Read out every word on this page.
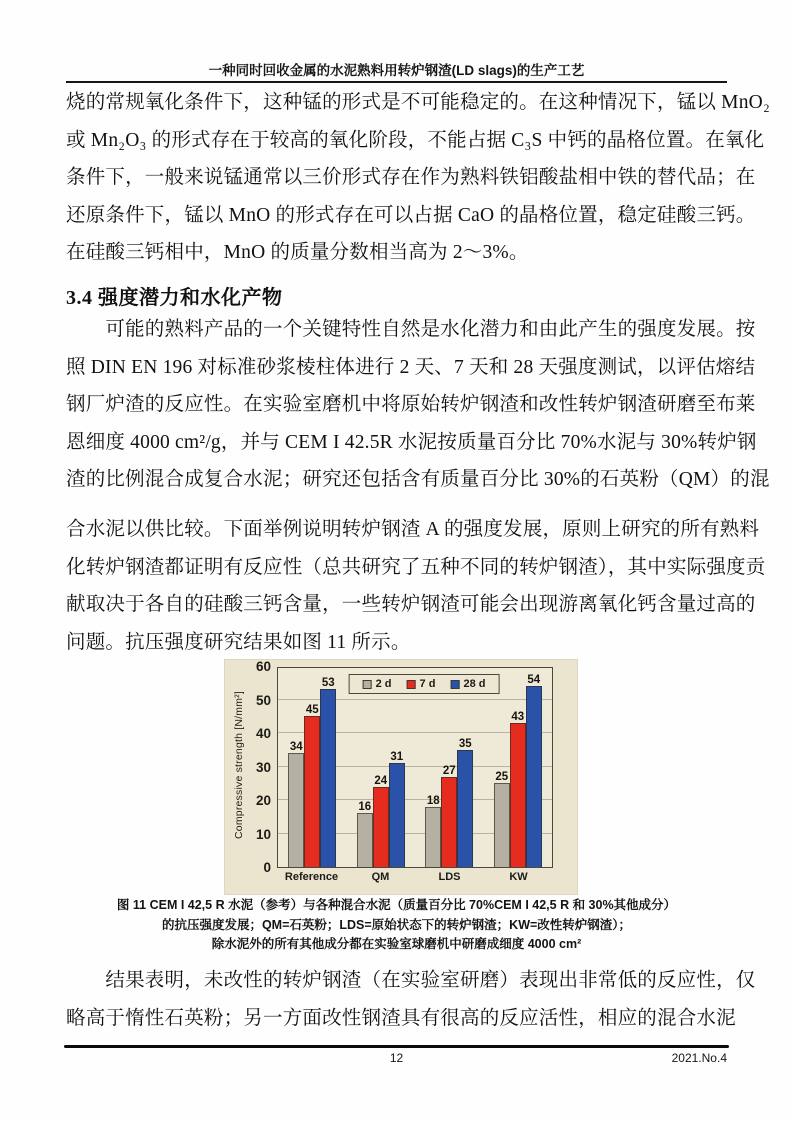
一种同时回收金属的水泥熟料用转炉钢渣(LD slags)的生产工艺
烧的常规氧化条件下，这种锰的形式是不可能稳定的。在这种情况下，锰以 MnO₂
或 Mn₂O₃ 的形式存在于较高的氧化阶段，不能占据 C₃S 中钙的晶格位置。在氧化
条件下，一般来说锰通常以三价形式存在作为熟料铁铝酸盐相中铁的替代品；在
还原条件下，锰以 MnO 的形式存在可以占据 CaO 的晶格位置，稳定硅酸三钙。
在硅酸三钙相中，MnO 的质量分数相当高为 2～3%。
3.4 强度潜力和水化产物
　　可能的熟料产品的一个关键特性自然是水化潜力和由此产生的强度发展。按
照 DIN EN 196 对标准砂浆棱柱体进行 2 天、7 天和 28 天强度测试，以评估熔结
钢厂炉渣的反应性。在实验室磨机中将原始转炉钢渣和改性转炉钢渣研磨至布莱
恩细度 4000 cm²/g，并与 CEM I 42.5R 水泥按质量百分比 70%水泥与 30%转炉钢
渣的比例混合成复合水泥；研究还包括含有质量百分比 30%的石英粉（QM）的混
合水泥以供比较。下面举例说明转炉钢渣 A 的强度发展，原则上研究的所有熟料
化转炉钢渣都证明有反应性（总共研究了五种不同的转炉钢渣），其中实际强度贡
献取决于各自的硅酸三钙含量，一些转炉钢渣可能会出现游离氧化钙含量过高的
问题。抗压强度研究结果如图 11 所示。
Compressive strength [N/mm²]
0
10
20
30
40
50
60
2 d	7 d	28 d
34
45
53
16
24
31
18
27
35
25
43
54
Reference	QM	LDS	KW
图 11 CEM I 42,5 R 水泥（参考）与各种混合水泥（质量百分比 70%CEM I 42,5 R 和 30%其他成分）
的抗压强度发展；QM=石英粉；LDS=原始状态下的转炉钢渣；KW=改性转炉钢渣）；
除水泥外的所有其他成分都在实验室球磨机中研磨成细度 4000 cm²
　　结果表明，未改性的转炉钢渣（在实验室研磨）表现出非常低的反应性，仅
略高于惰性石英粉；另一方面改性钢渣具有很高的反应活性，相应的混合水泥
12	2021.No.4
